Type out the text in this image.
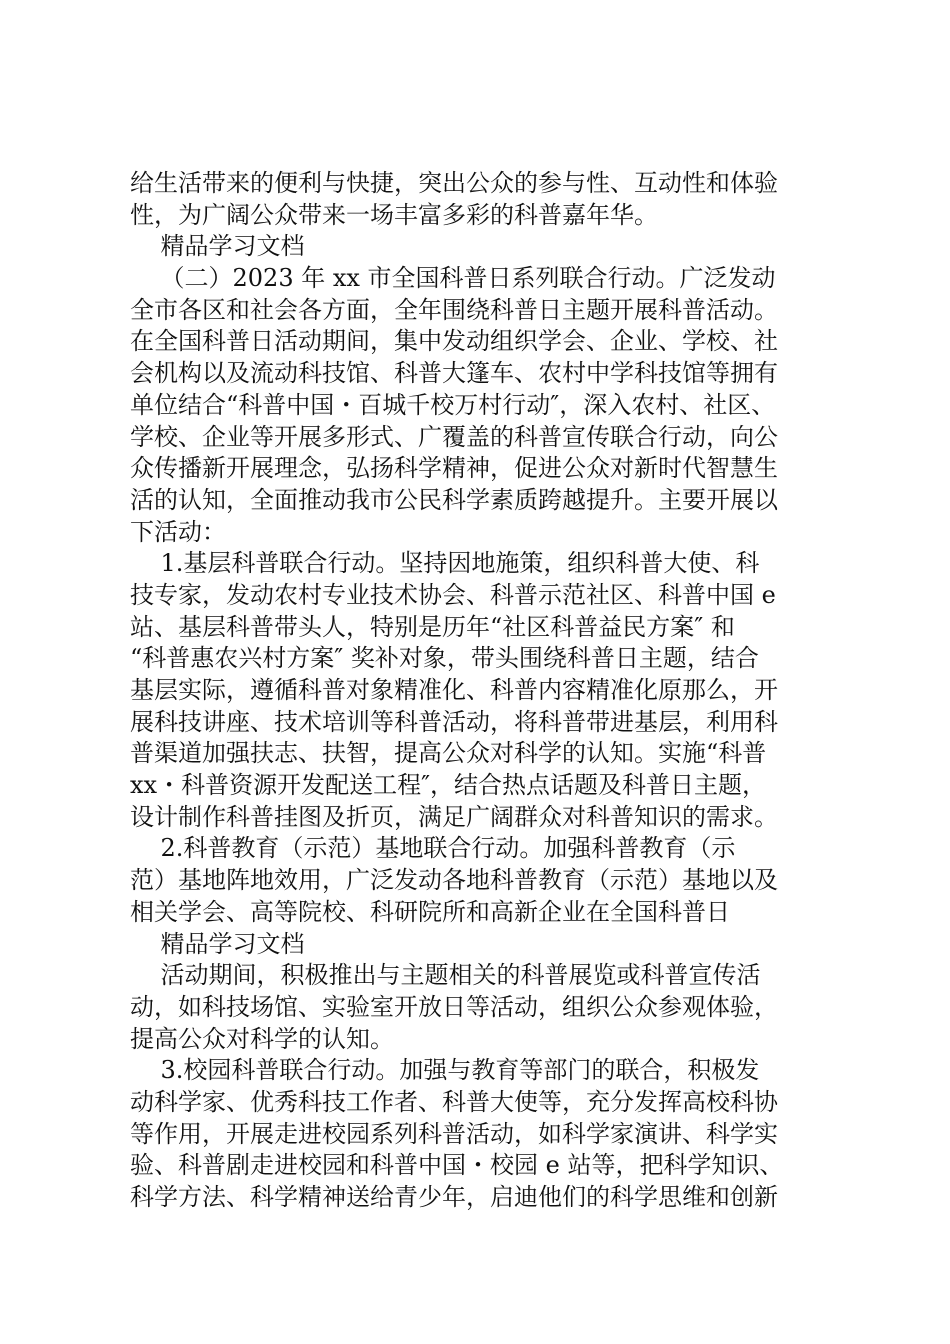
给生活带来的便利与快捷，突出公众的参与性、互动性和体验
性，为广阔公众带来一场丰富多彩的科普嘉年华。
精品学习文档
（二）2023 年 xx 市全国科普日系列联合行动。广泛发动
全市各区和社会各方面，全年围绕科普日主题开展科普活动。
在全国科普日活动期间，集中发动组织学会、企业、学校、社
会机构以及流动科技馆、科普大篷车、农村中学科技馆等拥有
单位结合“科普中国・百城千校万村行动″，深入农村、社区、
学校、企业等开展多形式、广覆盖的科普宣传联合行动，向公
众传播新开展理念，弘扬科学精神，促进公众对新时代智慧生
活的认知，全面推动我市公民科学素质跨越提升。主要开展以
下活动：
1.基层科普联合行动。坚持因地施策，组织科普大使、科
技专家，发动农村专业技术协会、科普示范社区、科普中国 e
站、基层科普带头人，特别是历年“社区科普益民方案″ 和
“科普惠农兴村方案″ 奖补对象，带头围绕科普日主题，结合
基层实际，遵循科普对象精准化、科普内容精准化原那么，开
展科技讲座、技术培训等科普活动，将科普带进基层，利用科
普渠道加强扶志、扶智，提高公众对科学的认知。实施“科普
xx・科普资源开发配送工程″，结合热点话题及科普日主题，
设计制作科普挂图及折页，满足广阔群众对科普知识的需求。
2.科普教育（示范）基地联合行动。加强科普教育（示
范）基地阵地效用，广泛发动各地科普教育（示范）基地以及
相关学会、高等院校、科研院所和高新企业在全国科普日
精品学习文档
活动期间，积极推出与主题相关的科普展览或科普宣传活
动，如科技场馆、实验室开放日等活动，组织公众参观体验，
提高公众对科学的认知。
3.校园科普联合行动。加强与教育等部门的联合，积极发
动科学家、优秀科技工作者、科普大使等，充分发挥高校科协
等作用，开展走进校园系列科普活动，如科学家演讲、科学实
验、科普剧走进校园和科普中国・校园 e 站等，把科学知识、
科学方法、科学精神送给青少年，启迪他们的科学思维和创新
